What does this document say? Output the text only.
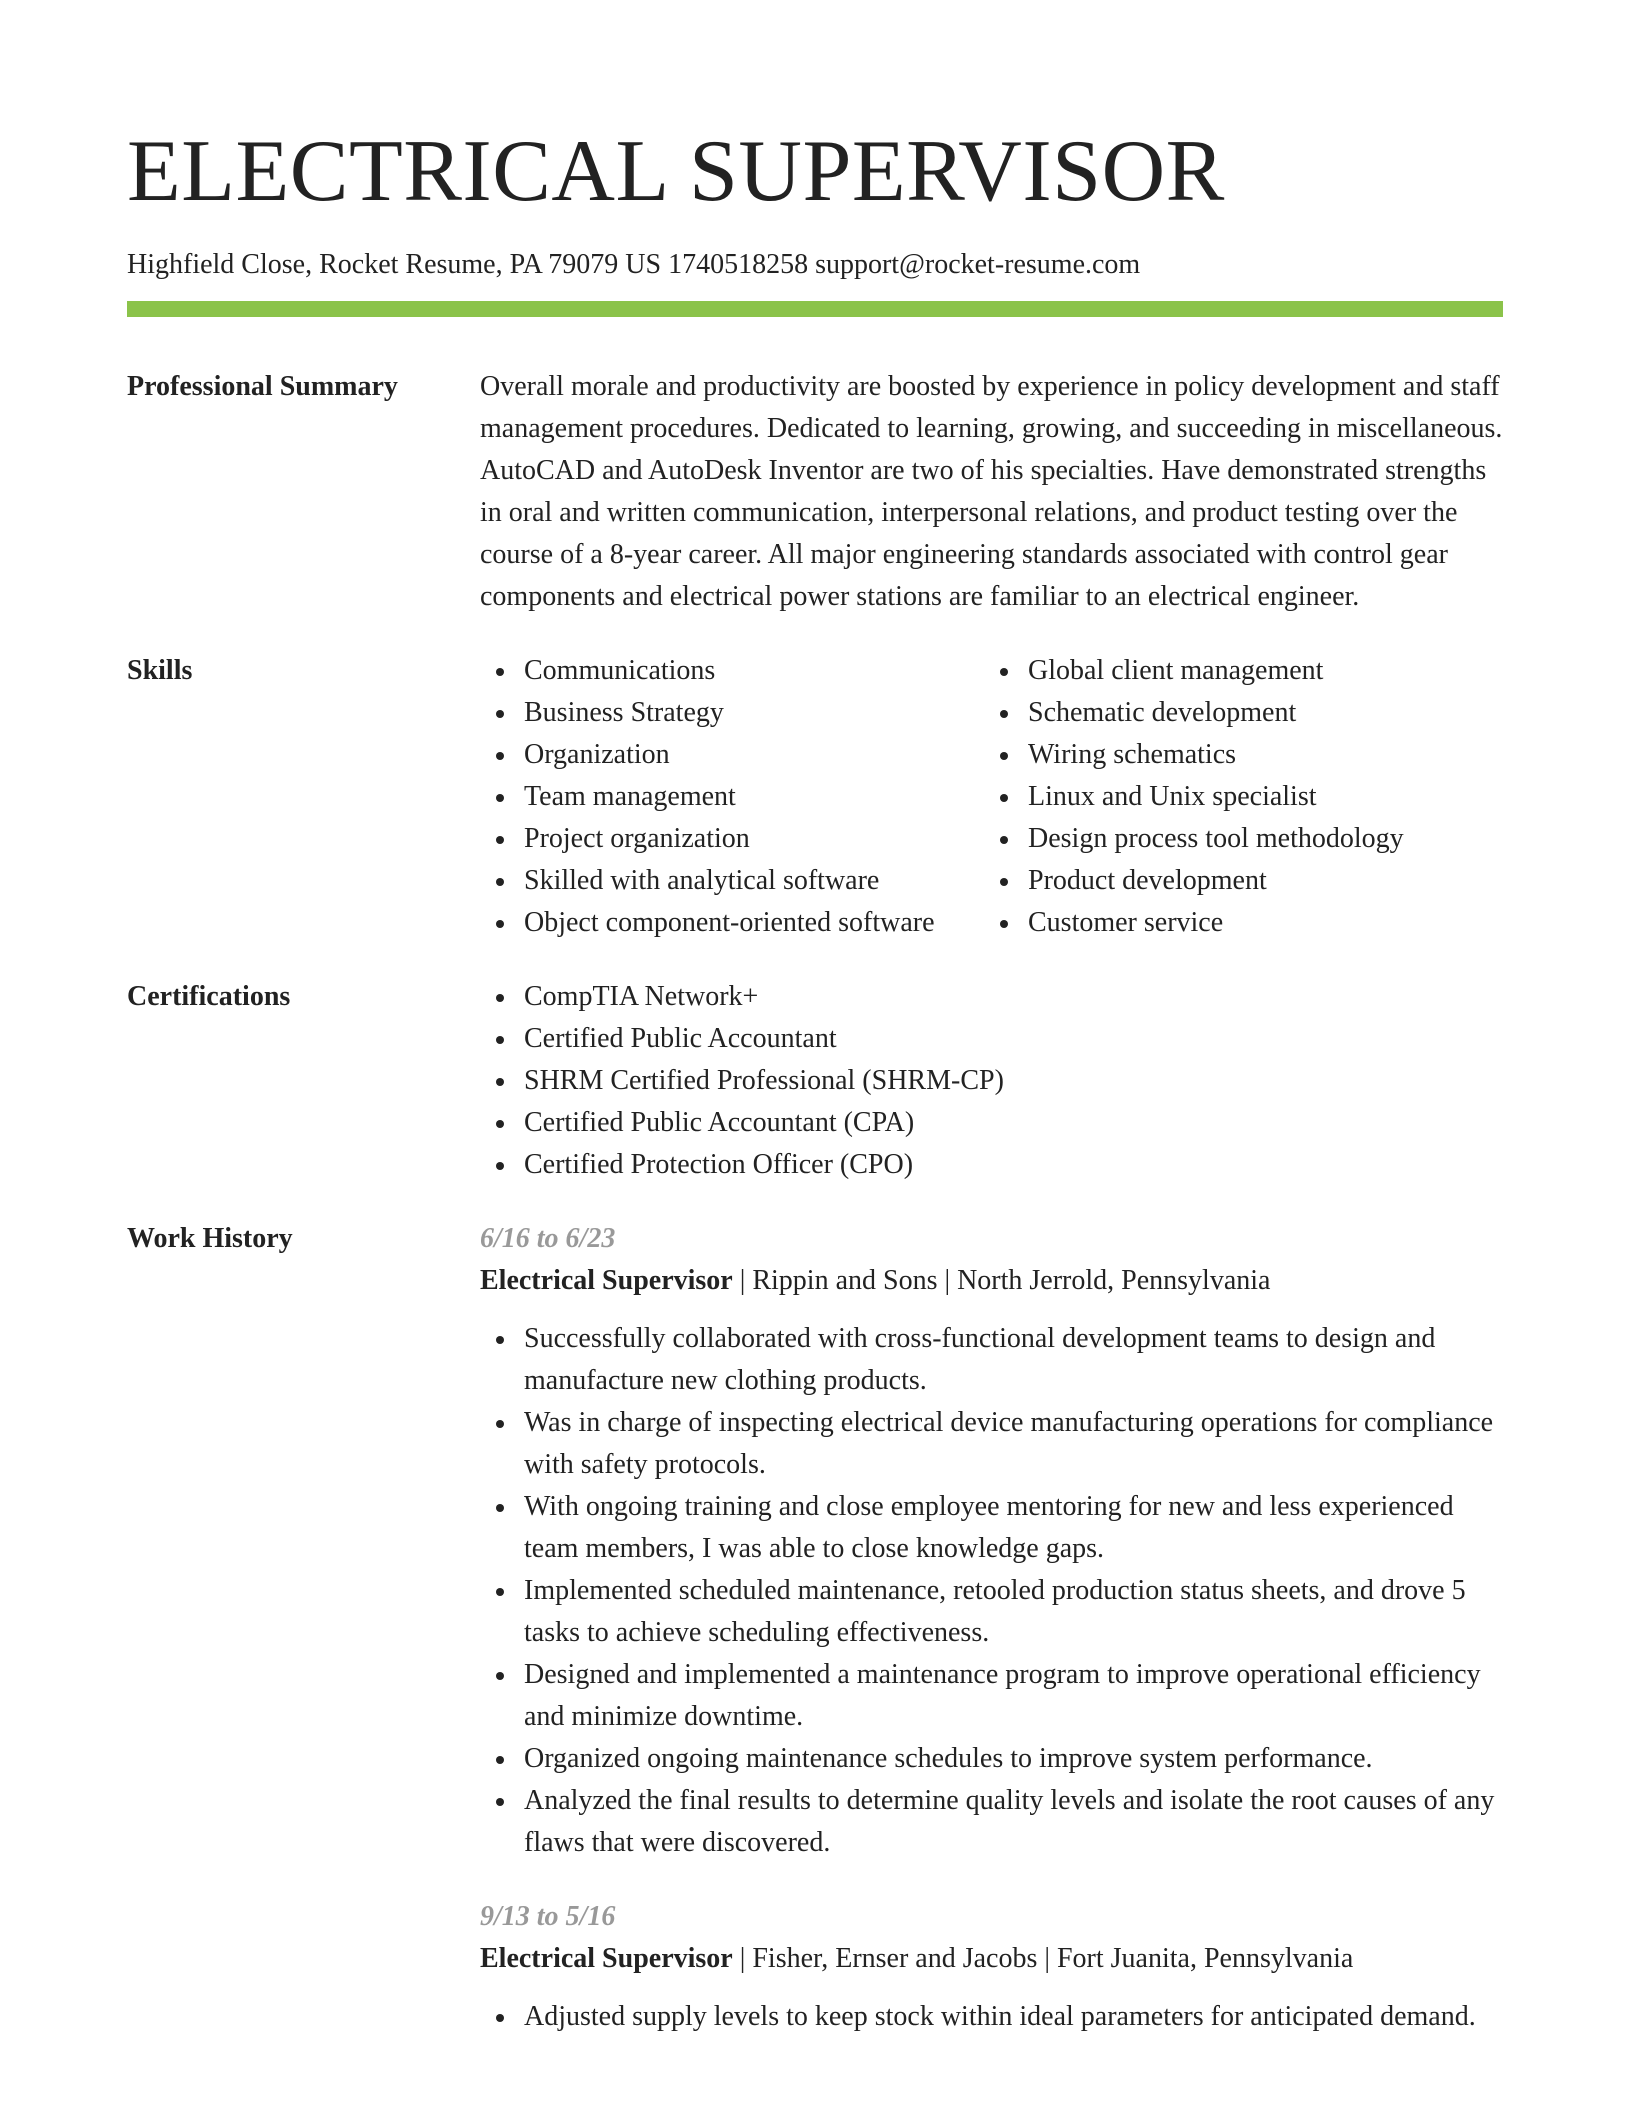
ELECTRICAL SUPERVISOR
Highfield Close, Rocket Resume, PA 79079 US 1740518258 support@rocket-resume.com
Professional Summary	Overall morale and productivity are boosted by experience in policy development and staff management procedures. Dedicated to learning, growing, and succeeding in miscellaneous. AutoCAD and AutoDesk Inventor are two of his specialties. Have demonstrated strengths in oral and written communication, interpersonal relations, and product testing over the course of a 8-year career. All major engineering standards associated with control gear components and electrical power stations are familiar to an electrical engineer.
Skills	Communications
Business Strategy
Organization
Team management
Project organization
Skilled with analytical software
Object component-oriented software
Global client management
Schematic development
Wiring schematics
Linux and Unix specialist
Design process tool methodology
Product development
Customer service
Certifications	CompTIA Network+
Certified Public Accountant
SHRM Certified Professional (SHRM-CP)
Certified Public Accountant (CPA)
Certified Protection Officer (CPO)
Work History	6/16 to 6/23
Electrical Supervisor | Rippin and Sons | North Jerrold, Pennsylvania
Successfully collaborated with cross-functional development teams to design and manufacture new clothing products.
Was in charge of inspecting electrical device manufacturing operations for compliance with safety protocols.
With ongoing training and close employee mentoring for new and less experienced team members, I was able to close knowledge gaps.
Implemented scheduled maintenance, retooled production status sheets, and drove 5 tasks to achieve scheduling effectiveness.
Designed and implemented a maintenance program to improve operational efficiency and minimize downtime.
Organized ongoing maintenance schedules to improve system performance.
Analyzed the final results to determine quality levels and isolate the root causes of any flaws that were discovered.
9/13 to 5/16
Electrical Supervisor | Fisher, Ernser and Jacobs | Fort Juanita, Pennsylvania
Adjusted supply levels to keep stock within ideal parameters for anticipated demand.
